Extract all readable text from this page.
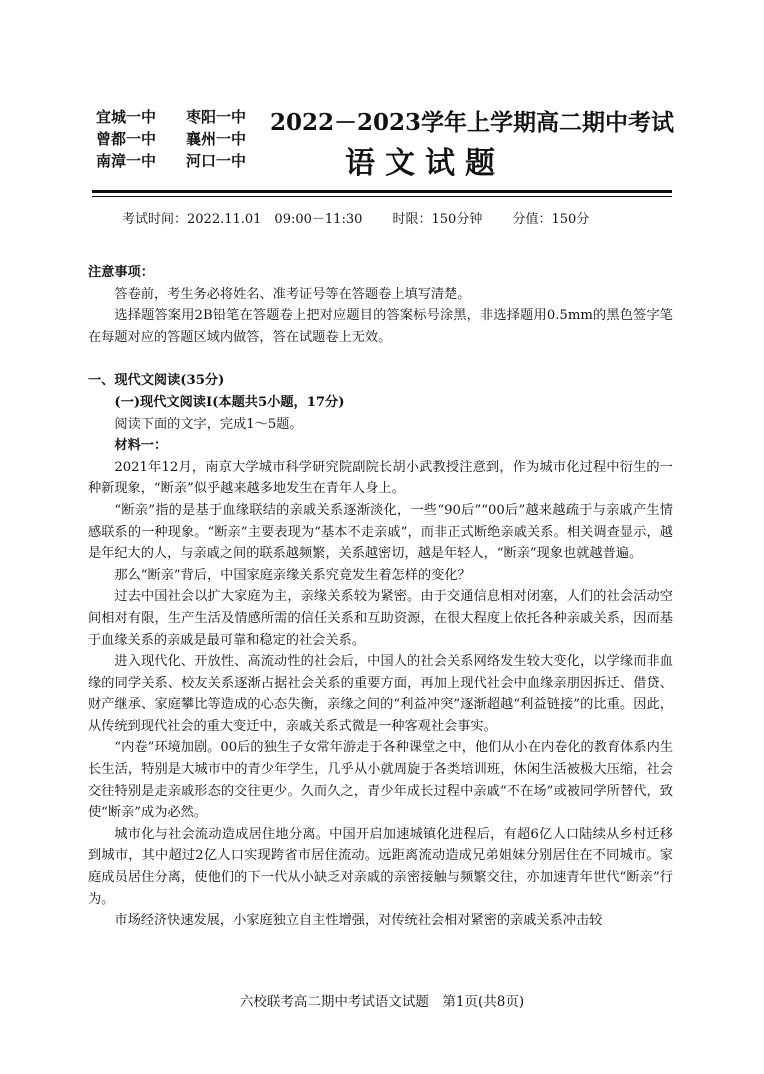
宜城一中	枣阳一中
曾都一中	襄州一中
南漳一中	河口一中
2022－2023学年上学期高二期中考试
语文试题
考试时间：2022.11.01　09:00－11:30 时限：150分钟 分值：150分

注意事项：

答卷前，考生务必将姓名、准考证号等在答题卷上填写清楚。

选择题答案用2B铅笔在答题卷上把对应题目的答案标号涂黑，非选择题用0.5mm的黑色签字笔在每题对应的答题区域内做答，答在试题卷上无效。

一、现代文阅读(35分)

(一)现代文阅读Ⅰ(本题共5小题，17分)

阅读下面的文字，完成1～5题。

材料一：

2021年12月，南京大学城市科学研究院副院长胡小武教授注意到，作为城市化过程中衍生的一种新现象，“断亲”似乎越来越多地发生在青年人身上。

“断亲”指的是基于血缘联结的亲戚关系逐渐淡化，一些“90后”“00后”越来越疏于与亲戚产生情感联系的一种现象。“断亲”主要表现为“基本不走亲戚”，而非正式断绝亲戚关系。相关调查显示，越是年纪大的人，与亲戚之间的联系越频繁，关系越密切，越是年轻人，“断亲”现象也就越普遍。

那么“断亲”背后，中国家庭亲缘关系究竟发生着怎样的变化？

过去中国社会以扩大家庭为主，亲缘关系较为紧密。由于交通信息相对闭塞，人们的社会活动空间相对有限，生产生活及情感所需的信任关系和互助资源，在很大程度上依托各种亲戚关系，因而基于血缘关系的亲戚是最可靠和稳定的社会关系。

进入现代化、开放性、高流动性的社会后，中国人的社会关系网络发生较大变化，以学缘而非血缘的同学关系、校友关系逐渐占据社会关系的重要方面，再加上现代社会中血缘亲朋因拆迁、借贷、财产继承、家庭攀比等造成的心态失衡，亲缘之间的“利益冲突”逐渐超越“利益链接”的比重。因此，从传统到现代社会的重大变迁中，亲戚关系式微是一种客观社会事实。

“内卷”环境加剧。00后的独生子女常年游走于各种课堂之中，他们从小在内卷化的教育体系内生长生活，特别是大城市中的青少年学生，几乎从小就周旋于各类培训班，休闲生活被极大压缩，社会交往特别是走亲戚形态的交往更少。久而久之，青少年成长过程中亲戚“不在场”或被同学所替代，致使“断亲”成为必然。

城市化与社会流动造成居住地分离。中国开启加速城镇化进程后，有超6亿人口陆续从乡村迁移到城市，其中超过2亿人口实现跨省市居住流动。远距离流动造成兄弟姐妹分别居住在不同城市。家庭成员居住分离，使他们的下一代从小缺乏对亲戚的亲密接触与频繁交往，亦加速青年世代“断亲”行为。

市场经济快速发展，小家庭独立自主性增强，对传统社会相对紧密的亲戚关系冲击较

六校联考高二期中考试语文试题　第1页(共8页)
